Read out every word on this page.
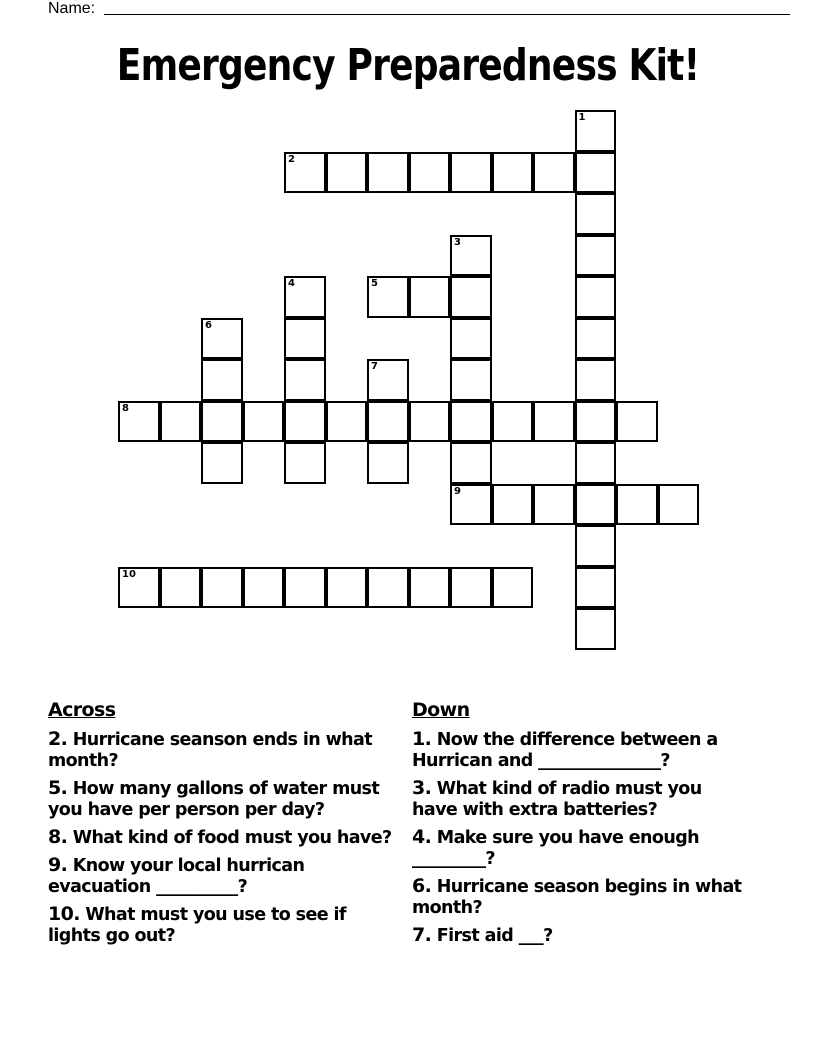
Name:
Emergency Preparedness Kit!
1
2
3
9
4	5
6
7
8
10
Across
2. Hurricane seanson ends in what month?
5. How many gallons of water must you have per person per day?
8. What kind of food must you have?
9. Know your local hurrican evacuation __________?
10. What must you use to see if lights go out?
Down
1. Now the difference between a Hurrican and _______________?
3. What kind of radio must you have with extra batteries?
4. Make sure you have enough _________?
6. Hurricane season begins in what month?
7. First aid ___?
